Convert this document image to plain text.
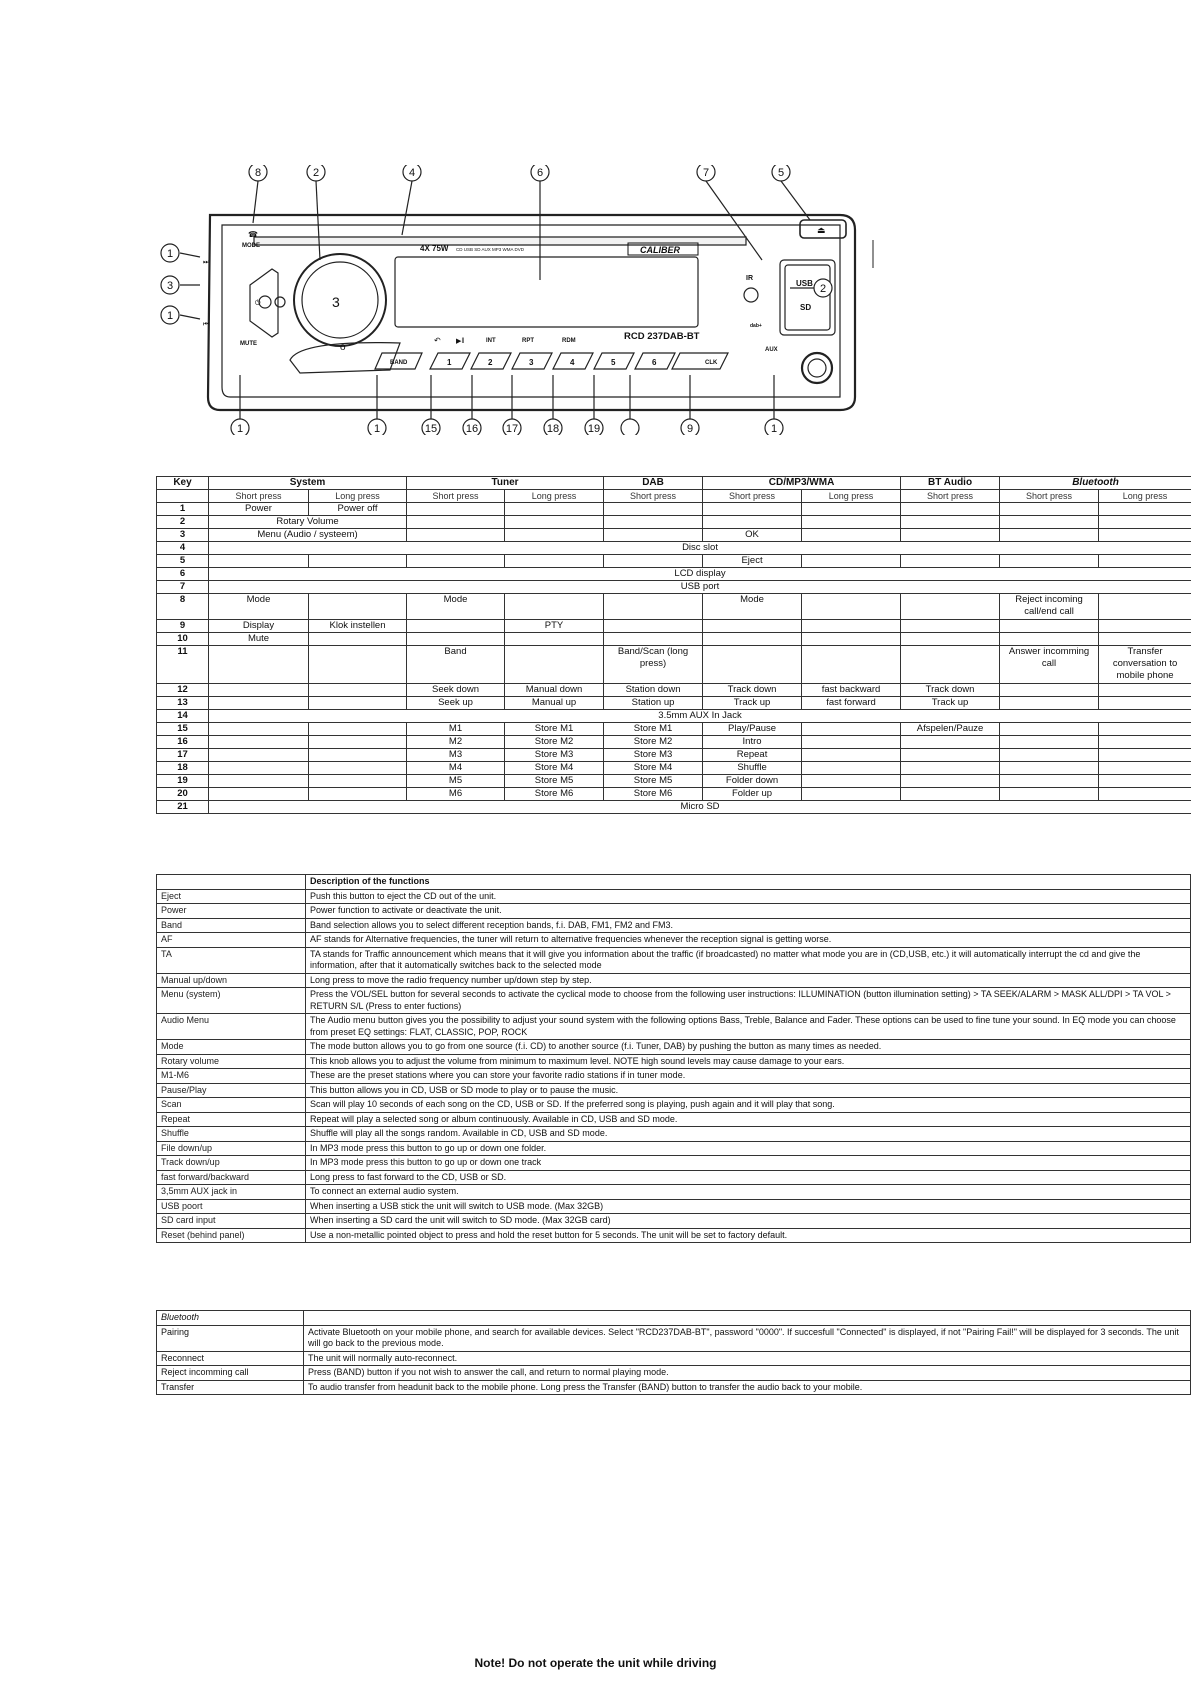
1	2	3	4	5	6
8	2	4	6	7	5
1
3
1
2
1	1	15	16	17	18	19	9	1
4X 75W CD USB SD AUX MP3 WMA DVD	CALIBER
RCD 237DAB-BT
MODE
MUTE
IR
USB
SD
AUX
dab+
INT	RPT	RDM
BAND	CLK
3
☎
o
↶ ▶‖
⏭
⏮
⏻
⏏
Key	System		Tuner		DAB	CD/MP3/WMA		BT Audio	Bluetooth	
	Short press	Long press	Short press	Long press	Short press	Short press	Long press	Short press	Short press	Long press
1	Power	Power off								
2	Rotary Volume									
3	Menu (Audio / systeem)					OK				
4	Disc slot									
5						Eject				
6	LCD display									
7	USB port									
8	Mode		Mode			Mode			Reject incoming call/end call	
9	Display	Klok instellen		PTY						
10	Mute									
11			Band		Band/Scan (long press)				Answer incomming call	Transfer conversation to mobile phone
12			Seek down	Manual down	Station down	Track down	fast backward	Track down		
13			Seek up	Manual up	Station up	Track up	fast forward	Track up		
14	3.5mm AUX In Jack									
15			M1	Store M1	Store M1	Play/Pause		Afspelen/Pauze		
16			M2	Store M2	Store M2	Intro				
17			M3	Store M3	Store M3	Repeat				
18			M4	Store M4	Store M4	Shuffle				
19			M5	Store M5	Store M5	Folder down				
20			M6	Store M6	Store M6	Folder up				
21	Micro SD									
	Description of the functions
Eject	Push this button to eject the CD out of the unit.
Power	Power function to activate or deactivate the unit.
Band	Band selection allows you to select different reception bands, f.i. DAB, FM1, FM2 and FM3.
AF	AF stands for Alternative frequencies, the tuner will return to alternative frequencies whenever the reception signal is getting worse.
TA	TA stands for Traffic announcement which means that it will give you information about the traffic (if broadcasted) no matter what mode you are in (CD,USB, etc.) it will automatically interrupt the cd and give the information, after that it automatically switches back to the selected mode
Manual up/down	Long press to move the radio frequency number up/down step by step.
Menu (system)	Press the VOL/SEL button for several seconds to activate the cyclical mode to choose from the following user instructions: ILLUMINATION (button illumination setting) > TA SEEK/ALARM > MASK ALL/DPI > TA VOL > RETURN S/L (Press to enter fuctions)
Audio Menu	The Audio menu button gives you the possibility to adjust your sound system with the following options Bass, Treble, Balance and Fader. These options can be used to fine tune your sound. In EQ mode you can choose from preset EQ settings: FLAT, CLASSIC, POP, ROCK
Mode	The mode button allows you to go from one source (f.i. CD) to another source (f.i. Tuner, DAB) by pushing the button as many times as needed.
Rotary volume	This knob allows you to adjust the volume from minimum to maximum level. NOTE high sound levels may cause damage to your ears.
M1-M6	These are the preset stations where you can store your favorite radio stations if in tuner mode.
Pause/Play	This button allows you in CD, USB or SD mode to play or to pause the music.
Scan	Scan will play 10 seconds of each song on the CD, USB or SD. If the preferred song is playing, push again and it will play that song.
Repeat	Repeat will play a selected song or album continuously. Available in CD, USB and SD mode.
Shuffle	Shuffle will play all the songs random. Available in CD, USB and SD mode.
File down/up	In MP3 mode press this button to go up or down one folder.
Track down/up	In MP3 mode press this button to go up or down one track
fast forward/backward	Long press to fast forward to the CD, USB or SD.
3,5mm AUX jack in	To connect an external audio system.
USB poort	When inserting a USB stick the unit will switch to USB mode. (Max 32GB)
SD card input	When inserting a SD card the unit will switch to SD mode. (Max 32GB card)
Reset (behind panel)	Use a non-metallic pointed object to press and hold the reset button for 5 seconds. The unit will be set to factory default.
Bluetooth	
Pairing	Activate Bluetooth on your mobile phone, and search for available devices. Select "RCD237DAB-BT", password "0000". If succesfull "Connected" is displayed, if not "Pairing Fail!" will be displayed for 3 seconds. The unit will go back to the previous mode.
Reconnect	The unit will normally auto-reconnect.
Reject incomming call	Press (BAND) button if you not wish to answer the call, and return to normal playing mode.
Transfer	To audio transfer from headunit back to the mobile phone. Long press the Transfer (BAND) button to transfer the audio back to your mobile.
Note! Do not operate the unit while driving
